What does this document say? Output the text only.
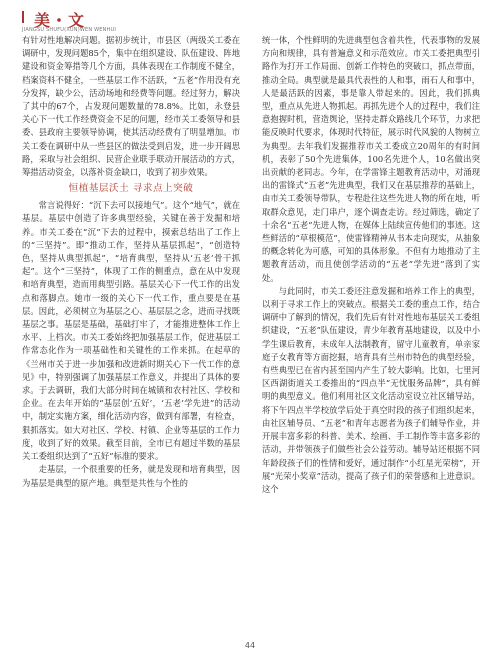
美・文
JIANGSU SHUFU(XUN)WEN WENHUI

有针对性地解决问题。据初步统计，市县区（两级关工委在调研中，发现问题85个，集中在组织建设、队伍建设、阵地建设和资金筹措等几个方面，具体表现在工作制度不健全，档案资料不健全，一些基层工作不活跃，“五老”作用没有充分发挥，缺少公，活动场地和经费等问题。经过努力，解决了其中的67个，占发现问题数量的78.8%。比如，永登县关心下一代工作经费资金不足的问题，经市关工委领导和县委、县政府主要领导协调，使其活动经费有了明显增加。市关工委在调研中从一些县区的做法受到启发，进一步开阔思路，采取与社会组织、民营企业联手联动开展活动的方式，筹措活动资金，以落补资金缺口，收到了初步效果。

恒植基层沃土 寻求点上突破

常言说得好：“沉下去可以接地气”。这个“地气”，就在基层。基层中创造了许多典型经验，关键在善于发掘和培养。市关工委在“沉”下去的过程中，摸索总结出了工作上的“三坚持”。即“推动工作，坚持从基层抓起”，“创造特色，坚持从典型抓起”，“培育典型，坚持从‘五老’骨干抓起”。这个“三坚持”，体现了工作的侧重点，意在从中发现和培育典型，造而用典型引路。基层关心下一代工作的出发点和落脚点。她市一级的关心下一代工作，重点要是在基层。因此，必须树立为基层之心、基层层之念，进而寻找既基层之事。基层是基础，基础打牢了，才能推进整体工作上水平、上档次。市关工委始终把加强基层工作，促进基层工作常态化作为一项基础性和关键性的工作来抓。在起草的《兰州市关于进一步加强和改进新时期关心下一代工作的意见》中，特别强调了加强基层工作意义，并提出了具体的要求。于去调研，我们大部分时间在城镇和农村社区、学校和企业。在去年开始的“基层创‘五好’，‘五老’学先进”的活动中，制定实施方案，细化活动内容，做到有部署，有检查，狠抓落实。如大对社区、学校、村镇、企业等基层的工作力度，收到了好的效果。截至目前，全市已有超过半数的基层关工委组织达到了“五好”标准的要求。

走基层，一个很重要的任务，就是发现和培育典型，因为基层是典型的原产地。典型是共性与个性的

统一体，个性鲜明的先进典型包含着共性，代表事物的发展方向和规律，具有普遍意义和示范效应。市关工委把典型引路作为打开工作局面、创新工作特色的突破口，抓点带面，推动全局。典型就是最具代表性的人和事，雨石人和事中，人是最活跃的因素，事是靠人带起来的。因此，我们抓典型，重点从先进人物抓起。再抓先进个人的过程中，我们注意抱握时机，营造舆论，坚持走群众路线几个环节，力求把能反映时代要求，体现时代特征，展示时代风貌的人物树立为典型。去年我们发掘推荐市关工委成立20周年的有时间机，表彰了50个先进集体，100名先进个人，10名做出突出贡献的老同志。今年，在学雷锋主题教育活动中，对涌现出的雷锋式“五老”先进典型，我们又在基层推荐的基础上，由市关工委领导带队，专程赴往这些先进人物的所在地，听取群众意见，走门串户，逐个调查走访。经过筛选，确定了十余名“五老”先进人物，在媒体上陆续宣传他们的事迹。这些鲜活的“草根模范”，使雷锋精神从书本走向现实，从抽象的概念转化为可感，可知的具体形象。不但有力地推动了主题教育活动，而且使创学活动的“五老”学先进”落到了实处。

与此同时，市关工委还注意发掘和培养工作上的典型，以利于寻求工作上的突破点。根据关工委的重点工作，结合调研中了解到的情况，我们先后有针对性地布基层关工委组织建设，“五老”队伍建设，青少年教育基地建设，以及中小学生课后教育，未成年人法制教育，留守儿童教育，单亲家庭子女教育等方面挖掘，培育具有兰州市特色的典型经验，有些典型已在省内甚至国内产生了较大影响。比如，七里河区西湖街道关工委推出的“四点半”无忧服务品牌”，具有鲜明的典型意义。他们利用社区文化活动室设立社区辅导站，将下午四点半学校放学后处于真空时段的孩子们组织起来，由社区辅导员、“五老”和青年志愿者为孩子们辅导作业，并开展丰富多彩的科普、美术、绘画、手工制作等丰富多彩的活动，并带领孩子们做些社会公益劳动。辅导站还根据不同年龄段孩子们的性情和爱好，通过制作“小红星光荣榜”，开展“光荣小奖章”活动，提高了孩子们的荣誉感和上进意识。这个

44
